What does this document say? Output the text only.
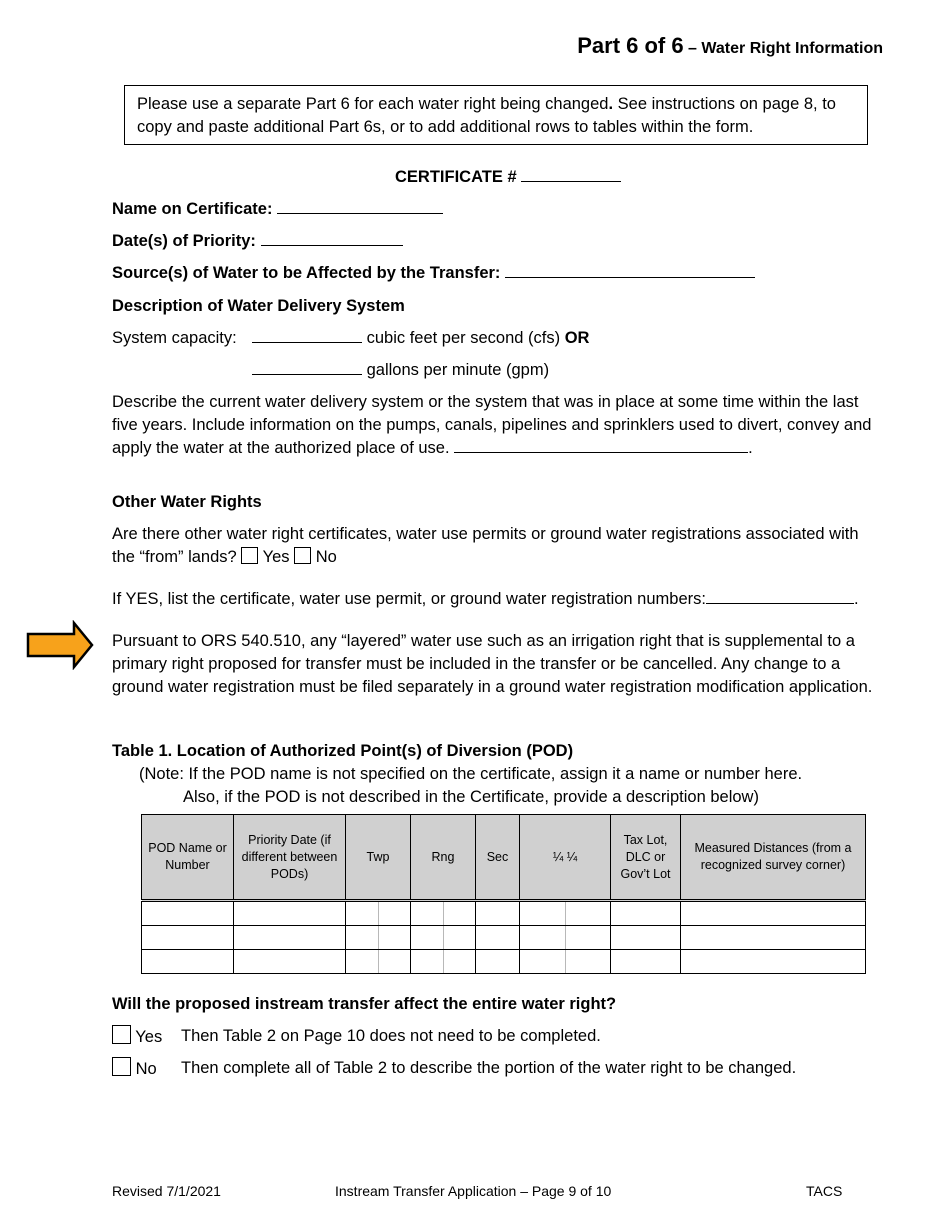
Part 6 of 6 – Water Right Information
Please use a separate Part 6 for each water right being changed. See instructions on page 8, to copy and paste additional Part 6s, or to add additional rows to tables within the form.
CERTIFICATE #
Name on Certificate:
Date(s) of Priority:
Source(s) of Water to be Affected by the Transfer:
Description of Water Delivery System
System capacity:	cubic feet per second (cfs) OR
gallons per minute (gpm)
Describe the current water delivery system or the system that was in place at some time within the last five years. Include information on the pumps, canals, pipelines and sprinklers used to divert, convey and apply the water at the authorized place of use.	.
Other Water Rights
Are there other water right certificates, water use permits or ground water registrations associated with the “from” lands? Yes No
If YES, list the certificate, water use permit, or ground water registration numbers:	.
Pursuant to ORS 540.510, any “layered” water use such as an irrigation right that is supplemental to a primary right proposed for transfer must be included in the transfer or be cancelled. Any change to a ground water registration must be filed separately in a ground water registration modification application.
Table 1. Location of Authorized Point(s) of Diversion (POD)
(Note: If the POD name is not specified on the certificate, assign it a name or number here.
Also, if the POD is not described in the Certificate, provide a description below)
POD Name or Number	Priority Date (if different between PODs)	Twp	Rng	Sec	¼ ¼	Tax Lot, DLC or Gov’t Lot	Measured Distances (from a recognized survey corner)

Will the proposed instream transfer affect the entire water right?
Yes Then Table 2 on Page 10 does not need to be completed.
No Then complete all of Table 2 to describe the portion of the water right to be changed.
Revised 7/1/2021	Instream Transfer Application – Page 9 of 10	TACS
